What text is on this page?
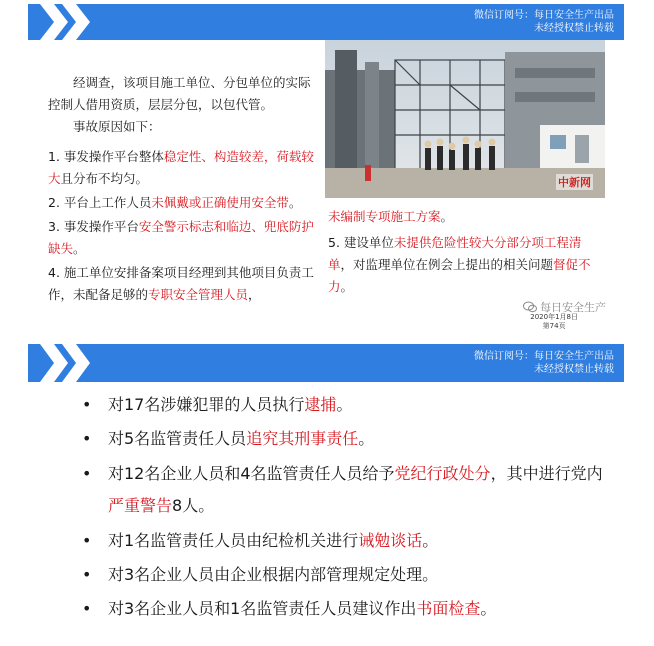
微信订阅号：每日安全生产出品
未经授权禁止转载
中新网
经调查，该项目施工单位、分包单位的实际控制人借用资质，层层分包，以包代管。
事故原因如下：
1. 事发操作平台整体稳定性、构造较差，荷载较大且分布不均匀。
2. 平台上工作人员未佩戴或正确使用安全带。
3. 事发操作平台安全警示标志和临边、兜底防护缺失。
4. 施工单位安排备案项目经理到其他项目负责工作，未配备足够的专职安全管理人员，
未编制专项施工方案。
5. 建设单位未提供危险性较大分部分项工程清单，对监理单位在例会上提出的相关问题督促不力。
每日安全生产
2020年1月8日
第74页
微信订阅号：每日安全生产出品
未经授权禁止转载
• 对17名涉嫌犯罪的人员执行逮捕。
• 对5名监管责任人员追究其刑事责任。
• 对12名企业人员和4名监管责任人员给予党纪行政处分，其中进行党内严重警告8人。
• 对1名监管责任人员由纪检机关进行诫勉谈话。
• 对3名企业人员由企业根据内部管理规定处理。
• 对3名企业人员和1名监管责任人员建议作出书面检查。
